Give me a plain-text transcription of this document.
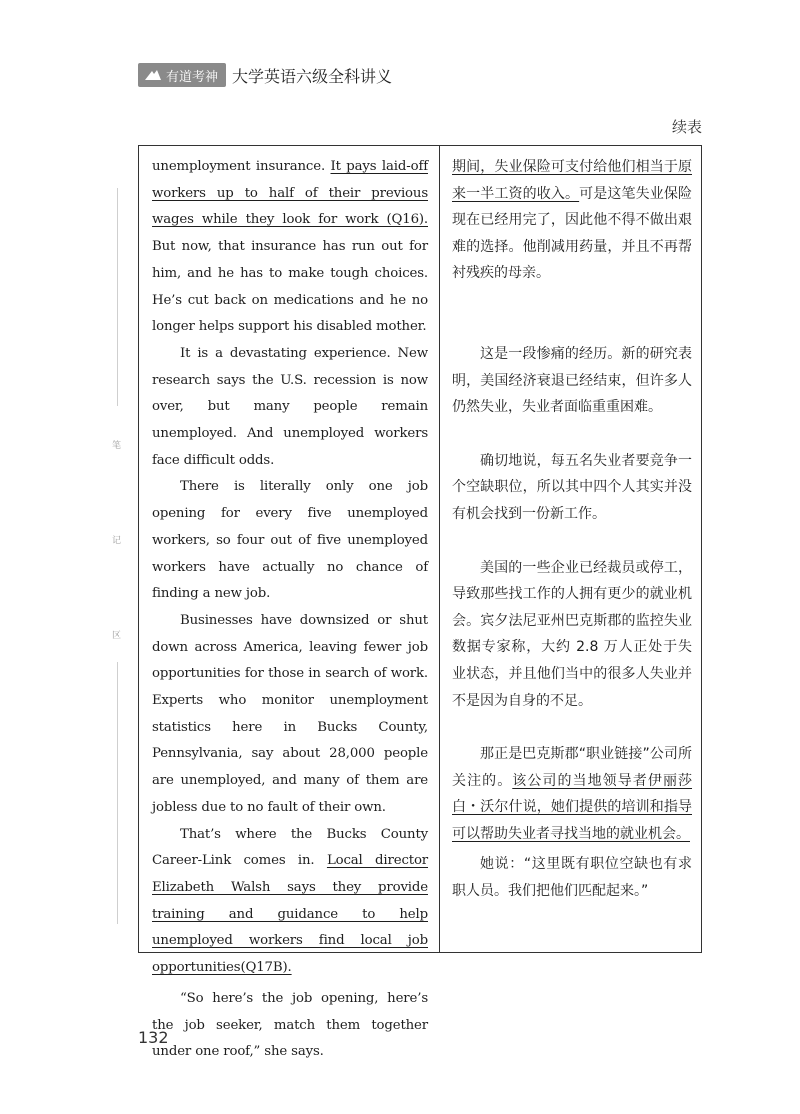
有道考神 大学英语六级全科讲义
续表
笔
记
区

unemployment insurance. It pays laid-off workers up to half of their previous wages while they look for work (Q16). But now, that insurance has run out for him, and he has to make tough choices. He’s cut back on medications and he no longer helps support his disabled mother.

It is a devastating experience. New research says the U.S. recession is now over, but many people remain unemployed. And unemployed workers face difficult odds.

There is literally only one job opening for every five unemployed workers, so four out of five unemployed workers have actually no chance of finding a new job.

Businesses have downsized or shut down across America, leaving fewer job opportunities for those in search of work. Experts who monitor unemployment statistics here in Bucks County, Pennsylvania, say about 28,000 people are unemployed, and many of them are jobless due to no fault of their own.

That’s where the Bucks County Career-Link comes in. Local director Elizabeth Walsh says they provide training and guidance to help unemployed workers find local job opportunities(Q17B).

“So here’s the job opening, here’s the job seeker, match them together under one roof,” she says.

期间，失业保险可支付给他们相当于原来一半工资的收入。可是这笔失业保险现在已经用完了，因此他不得不做出艰难的选择。他削减用药量，并且不再帮衬残疾的母亲。

这是一段惨痛的经历。新的研究表明，美国经济衰退已经结束，但许多人仍然失业，失业者面临重重困难。

确切地说，每五名失业者要竞争一个空缺职位，所以其中四个人其实并没有机会找到一份新工作。

美国的一些企业已经裁员或停工，导致那些找工作的人拥有更少的就业机会。宾夕法尼亚州巴克斯郡的监控失业数据专家称，大约 2.8 万人正处于失业状态，并且他们当中的很多人失业并不是因为自身的不足。

那正是巴克斯郡“职业链接”公司所关注的。该公司的当地领导者伊丽莎白・沃尔什说，她们提供的培训和指导可以帮助失业者寻找当地的就业机会。

她说：“这里既有职位空缺也有求职人员。我们把他们匹配起来。”

132
